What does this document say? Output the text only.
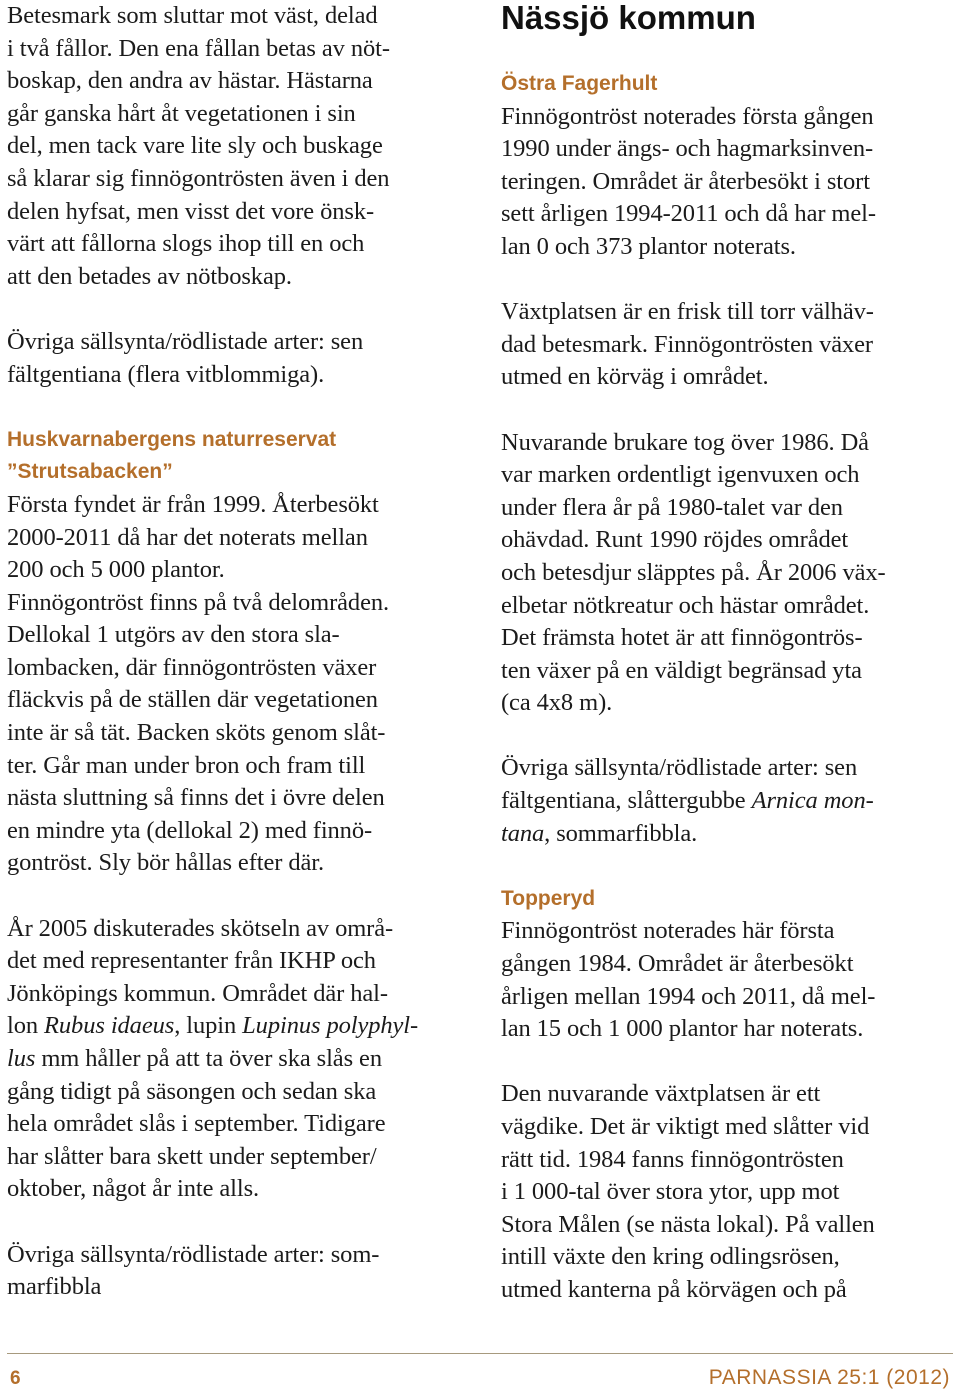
Betesmark som sluttar mot väst, delad
i två fållor. Den ena fållan betas av nöt-
boskap, den andra av hästar. Hästarna
går ganska hårt åt vegetationen i sin
del, men tack vare lite sly och buskage
så klarar sig finnögontrösten även i den
delen hyfsat, men visst det vore önsk-
värt att fållorna slogs ihop till en och
att den betades av nötboskap.

Övriga sällsynta/rödlistade arter: sen
fältgentiana (flera vitblommiga).

Huskvarnabergens naturreservat
”Strutsabacken”

Första fyndet är från 1999. Återbesökt
2000-2011 då har det noterats mellan
200 och 5 000 plantor.
Finnögontröst finns på två delområden.
Dellokal 1 utgörs av den stora sla-
lombacken, där finnögontrösten växer
fläckvis på de ställen där vegetationen
inte är så tät. Backen sköts genom slåt-
ter. Går man under bron och fram till
nästa sluttning så finns det i övre delen
en mindre yta (dellokal 2) med finnö-
gontröst. Sly bör hållas efter där.

År 2005 diskuterades skötseln av områ-
det med representanter från IKHP och
Jönköpings kommun. Området där hal-
lon Rubus idaeus, lupin Lupinus polyphyl-
lus mm håller på att ta över ska slås en
gång tidigt på säsongen och sedan ska
hela området slås i september. Tidigare
har slåtter bara skett under september/
oktober, något år inte alls.

Övriga sällsynta/rödlistade arter: som-
marfibbla

Nässjö kommun
Östra Fagerhult

Finnögontröst noterades första gången
1990 under ängs- och hagmarksinven-
teringen. Området är återbesökt i stort
sett årligen 1994-2011 och då har mel-
lan 0 och 373 plantor noterats.

Växtplatsen är en frisk till torr välhäv-
dad betesmark. Finnögontrösten växer
utmed en körväg i området.

Nuvarande brukare tog över 1986. Då
var marken ordentligt igenvuxen och
under flera år på 1980-talet var den
ohävdad. Runt 1990 röjdes området
och betesdjur släpptes på. År 2006 väx-
elbetar nötkreatur och hästar området.
Det främsta hotet är att finnögontrös-
ten växer på en väldigt begränsad yta
(ca 4x8 m).

Övriga sällsynta/rödlistade arter: sen
fältgentiana, slåttergubbe Arnica mon-
tana, sommarfibbla.

Topperyd

Finnögontröst noterades här första
gången 1984. Området är återbesökt
årligen mellan 1994 och 2011, då mel-
lan 15 och 1 000 plantor har noterats.

Den nuvarande växtplatsen är ett
vägdike. Det är viktigt med slåtter vid
rätt tid. 1984 fanns finnögontrösten
i 1 000-tal över stora ytor, upp mot
Stora Målen (se nästa lokal). På vallen
intill växte den kring odlingsrösen,
utmed kanterna på körvägen och på

6	PARNASSIA 25:1 (2012)
